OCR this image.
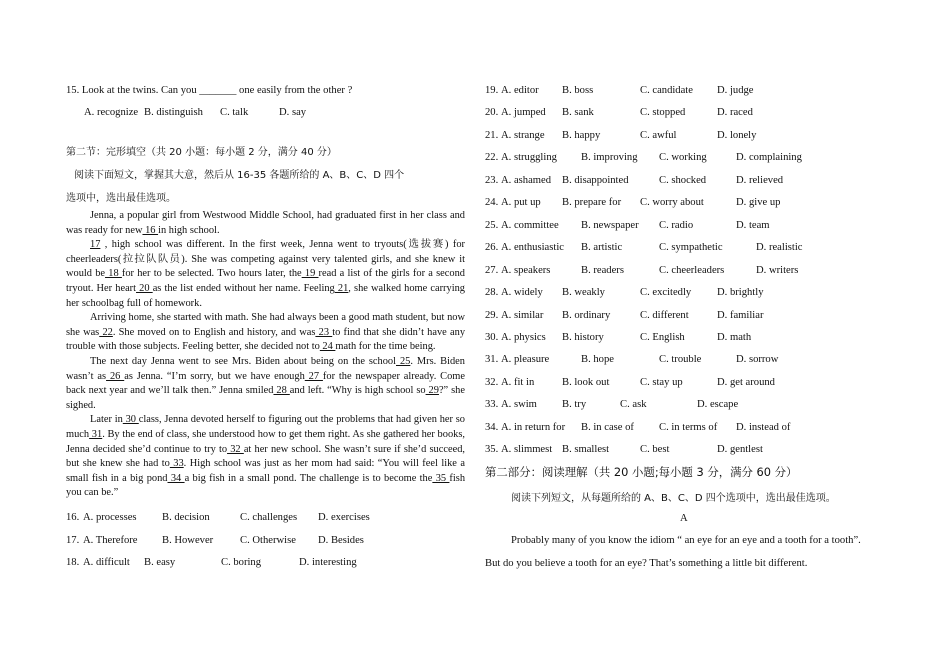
15. Look at the twins. Can you _______ one easily from the other ?
A. recognize B. distinguish C. talk	D. say
第二节：完形填空（共 20 小题：每小题 2 分，满分 40 分）
阅读下面短文，掌握其大意，然后从 16-35 各题所给的 A、B、C、D 四个
选项中，选出最佳选项。

Jenna, a popular girl from Westwood Middle School, had graduated first in her class and was ready for new 16 in high school.

17 , high school was different. In the first week, Jenna went to tryouts(选拔赛) for cheerleaders(拉拉队队员). She was competing against very talented girls, and she knew it would be 18 for her to be selected. Two hours later, the 19 read a list of the girls for a second tryout. Her heart 20 as the list ended without her name. Feeling 21, she walked home carrying her schoolbag full of homework.

Arriving home, she started with math. She had always been a good math student, but now she was 22. She moved on to English and history, and was 23 to find that she didn’t have any trouble with those subjects. Feeling better, she decided not to 24 math for the time being.

The next day Jenna went to see Mrs. Biden about being on the school 25. Mrs. Biden wasn’t as 26 as Jenna. “I’m sorry, but we have enough 27 for the newspaper already. Come back next year and we’ll talk then.” Jenna smiled 28 and left. “Why is high school so 29?” she sighed.

Later in 30 class, Jenna devoted herself to figuring out the problems that had given her so much 31. By the end of class, she understood how to get them right. As she gathered her books, Jenna decided she’d continue to try to 32 at her new school. She wasn’t sure if she’d succeed, but she knew she had to 33. High school was just as her mom had said: “You will feel like a small fish in a big pond 34 a big fish in a small pond. The challenge is to become the 35 fish you can be.”

16. A. processes B. decision	C. challenges D. exercises
17. A. Therefore B. However	C. Otherwise D. Besides
18. A. difficult B. easy	C. boring	D. interesting
19. A. editor B. boss	C. candidate D. judge
20. A. jumped B. sank	C. stopped	D. raced
21. A. strange B. happy	C. awful	D. lonely
22. A. struggling B. improving C. working	D. complaining
23. A. ashamed B. disappointed	C. shocked	D. relieved
24. A. put up B. prepare for C. worry about	D. give up
25. A. committee B. newspaper C. radio	D. team
26. A. enthusiastic B. artistic	C. sympathetic	D. realistic
27. A. speakers	B. readers	C. cheerleaders	D. writers
28. A. widely B. weakly	C. excitedly D. brightly
29. A. similar B. ordinary	C. different	D. familiar
30. A. physics B. history	C. English	D. math
31. A. pleasure	B. hope	C. trouble	D. sorrow
32. A. fit in	B. look out	C. stay up	D. get around
33. A. swim B. try	C. ask	D. escape
34. A. in return for B. in case of C. in terms of D. instead of
35. A. slimmest B. smallest	C. best	D. gentlest
第二部分：阅读理解（共 20 小题;每小题 3 分，满分 60 分）
阅读下列短文，从每题所给的 A、B、C、D 四个选项中，选出最佳选项。
A
Probably many of you know the idiom “ an eye for an eye and a tooth for a tooth”.
But do you believe a tooth for an eye? That’s something a little bit different.
